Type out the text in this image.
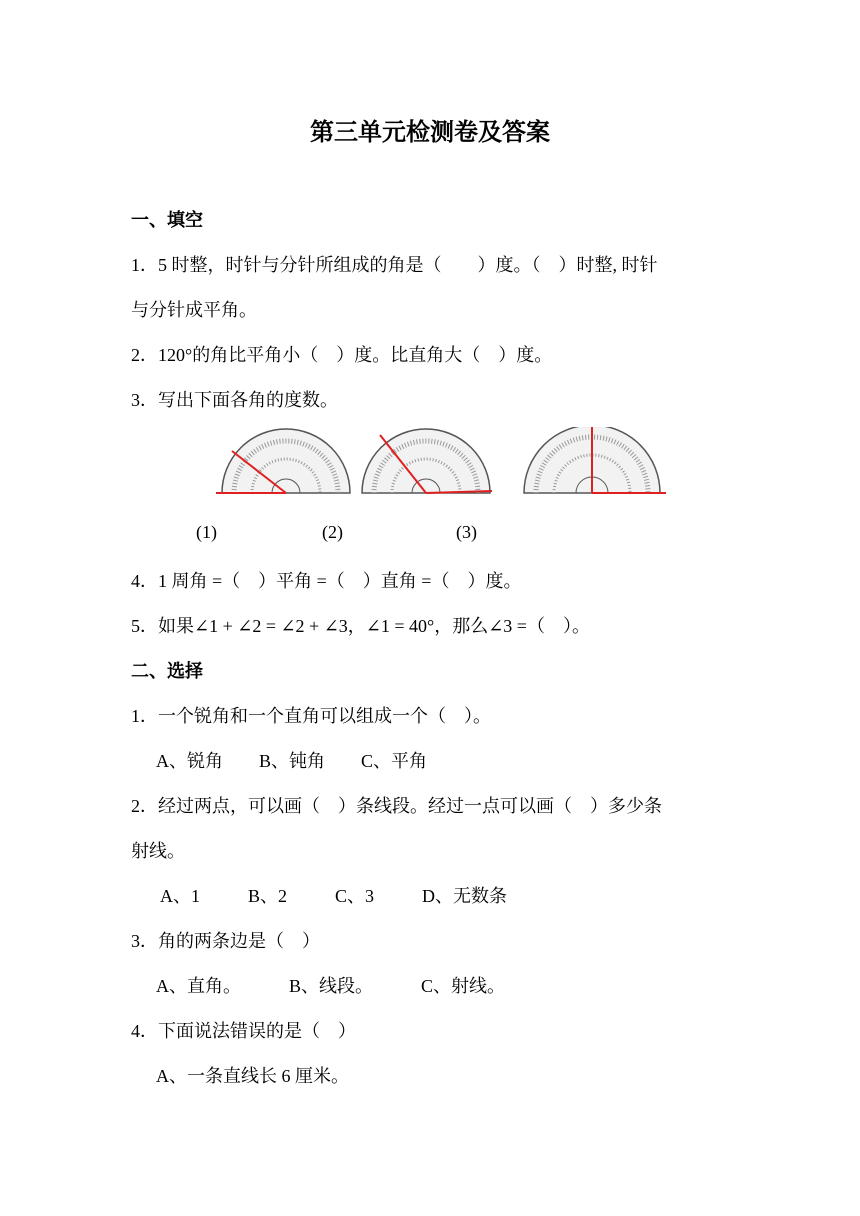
第三单元检测卷及答案
一、填空
1．5 时整，时针与分针所组成的角是（　　）度。（　）时整, 时针
与分针成平角。
2．120°的角比平角小（　）度。比直角大（　）度。
3．写出下面各角的度数。
(1)	(2)	(3)
4．1 周角 =（　）平角 =（　）直角 =（　）度。
5．如果∠1 + ∠2 = ∠2 + ∠3，∠1 = 40°，那么∠3 =（　）。
二、选择
1．一个锐角和一个直角可以组成一个（　）。
A、锐角 B、钝角 C、平角
2．经过两点，可以画（　）条线段。经过一点可以画（　）多少条
射线。
A、1	B、2	C、3	D、无数条
3．角的两条边是（　）
A、直角。	B、线段。	C、射线。
4．下面说法错误的是（　）
A、一条直线长 6 厘米。
